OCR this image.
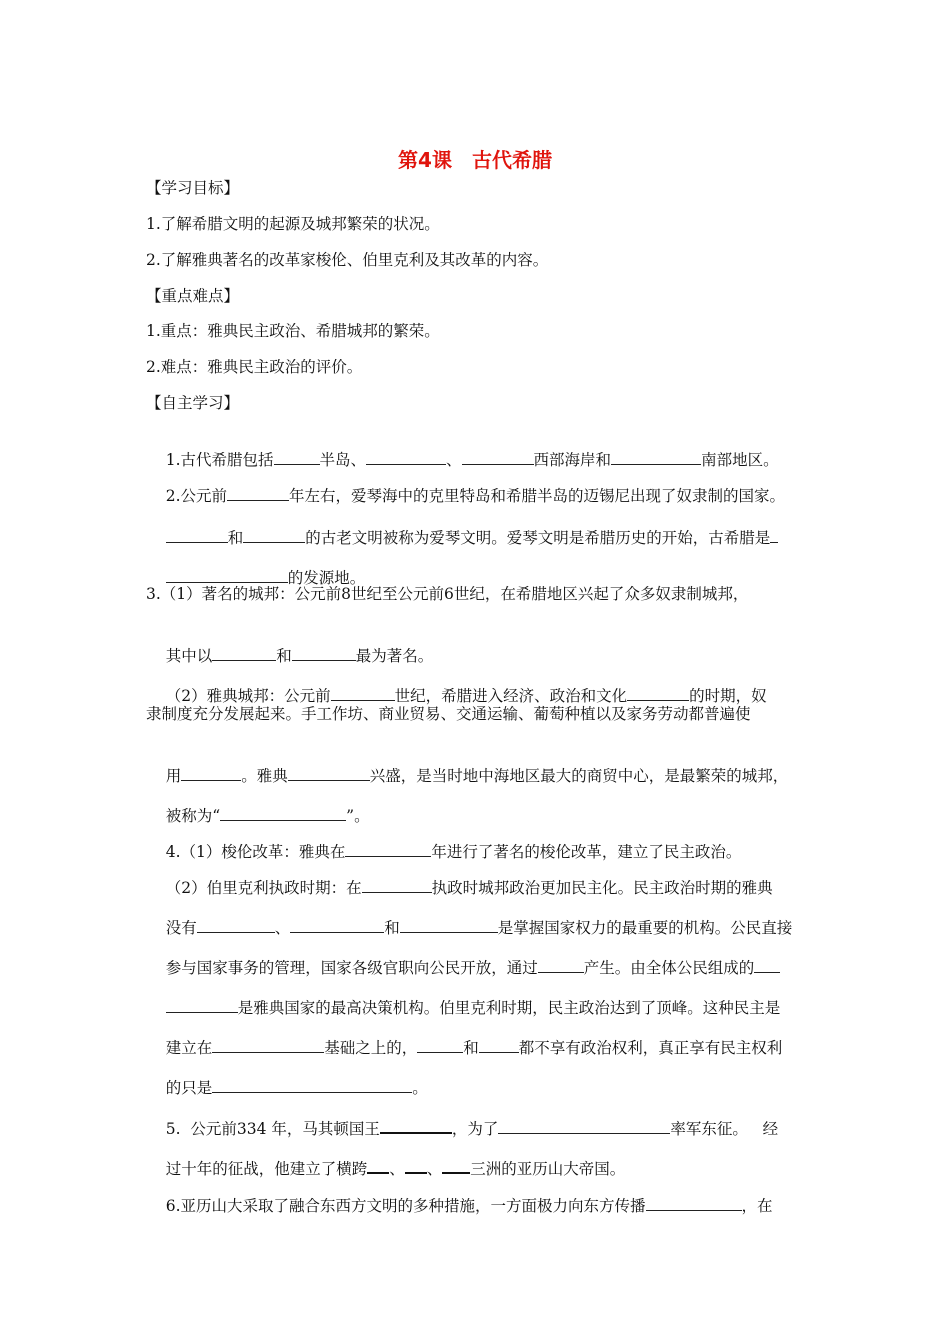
第4课　古代希腊
【学习目标】
1.了解希腊文明的起源及城邦繁荣的状况。
2.了解雅典著名的改革家梭伦、伯里克利及其改革的内容。
【重点难点】
1.重点：雅典民主政治、希腊城邦的繁荣。
2.难点：雅典民主政治的评价。
【自主学习】

1.古代希腊包括	半岛、	、	西部海岸和	南部地区。

2.公元前	年左右，爱琴海中的克里特岛和希腊半岛的迈锡尼出现了奴隶制的国家。

和	的古老文明被称为爱琴文明。爱琴文明是希腊历史的开始，古希腊是

的发源地。

3.（1）著名的城邦：公元前8世纪至公元前6世纪，在希腊地区兴起了众多奴隶制城邦，

其中以	和	最为著名。

（2）雅典城邦：公元前	世纪，希腊进入经济、政治和文化	的时期，奴

隶制度充分发展起来。手工作坊、商业贸易、交通运输、葡萄种植以及家务劳动都普遍使

用	。雅典	兴盛，是当时地中海地区最大的商贸中心，是最繁荣的城邦，

被称为“	”。

4.（1）梭伦改革：雅典在	年进行了著名的梭伦改革，建立了民主政治。

（2）伯里克利执政时期：在	执政时城邦政治更加民主化。民主政治时期的雅典

没有	、	和	是掌握国家权力的最重要的机构。公民直接

参与国家事务的管理，国家各级官职向公民开放，通过	产生。由全体公民组成的

是雅典国家的最高决策机构。伯里克利时期，民主政治达到了顶峰。这种民主是

建立在	基础之上的，	和	都不享有政治权利，真正享有民主权利

的只是	。

5.  公元前334 年，马其顿国王	，为了	率军东征。   经

过十年的征战，他建立了横跨 、 、 三洲的亚历山大帝国。

6.亚历山大采取了融合东西方文明的多种措施，一方面极力向东方传播	，在
